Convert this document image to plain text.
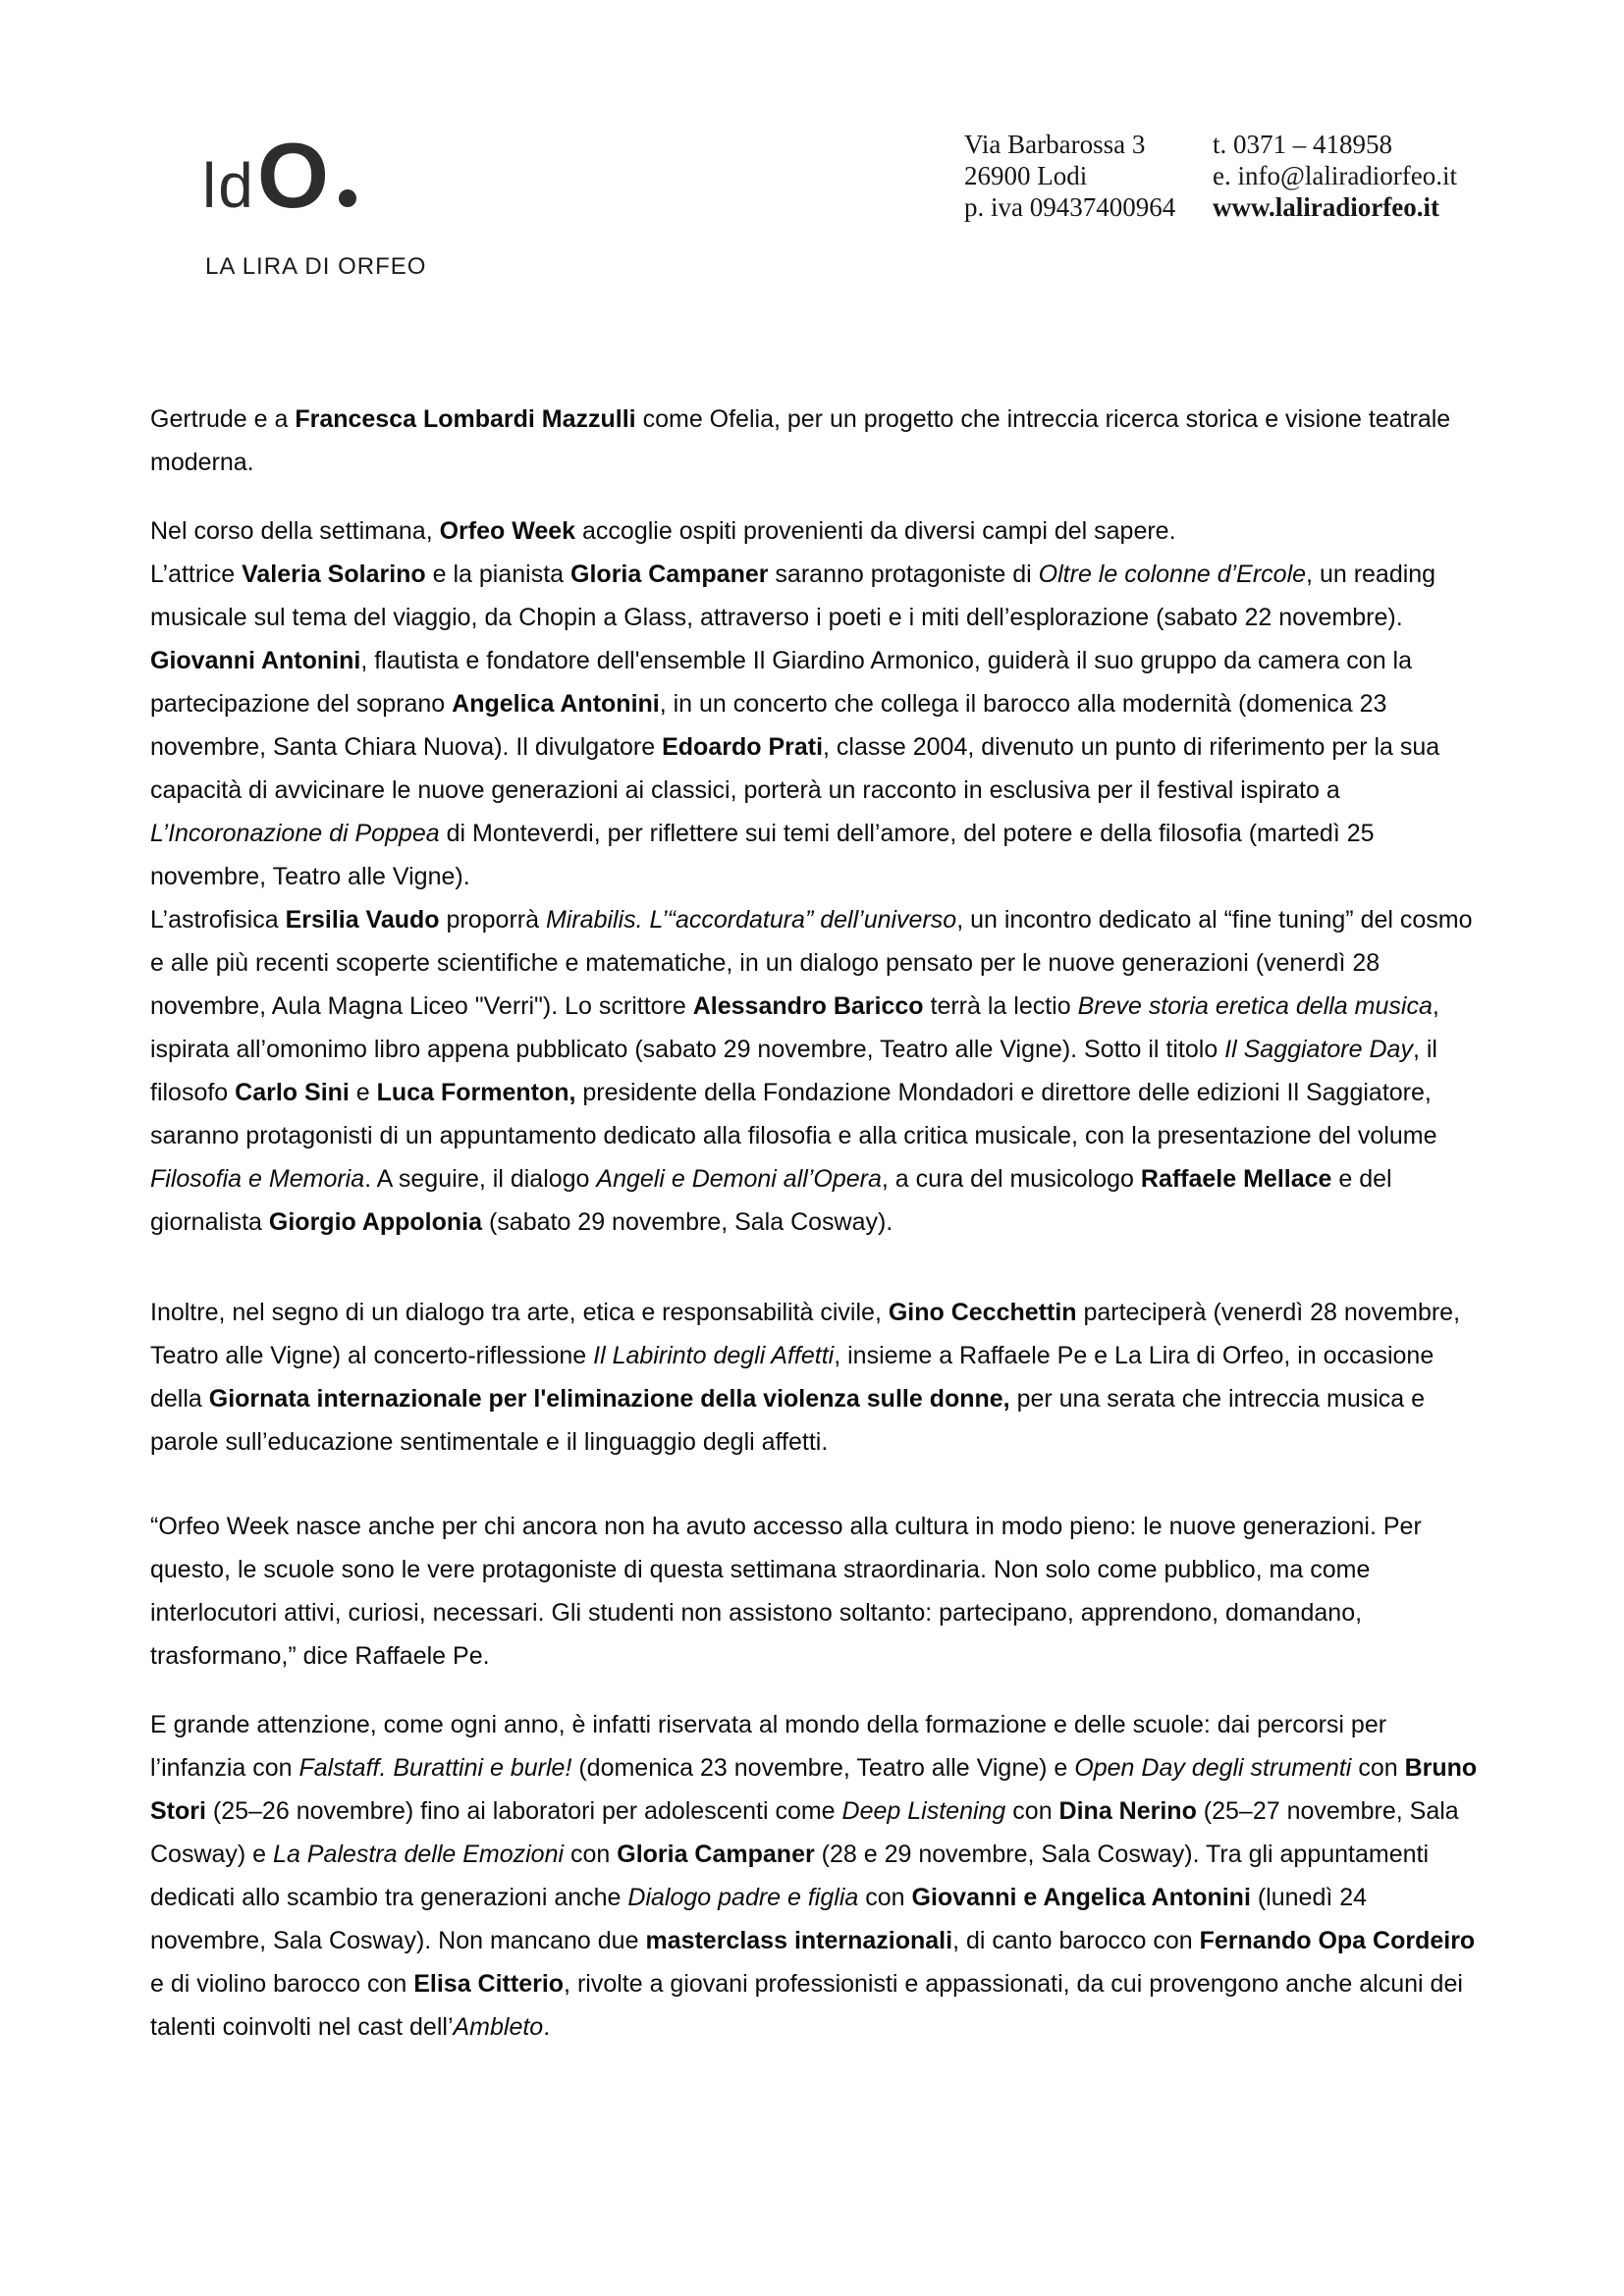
ld O
LA LIRA DI ORFEO
Via Barbarossa 3
26900 Lodi
p. iva 09437400964
t. 0371 – 418958
e. info@laliradiorfeo.it
www.laliradiorfeo.it

Gertrude e a Francesca Lombardi Mazzulli come Ofelia, per un progetto che intreccia ricerca storica e visione teatrale moderna.

Nel corso della settimana, Orfeo Week accoglie ospiti provenienti da diversi campi del sapere.
L’attrice Valeria Solarino e la pianista Gloria Campaner saranno protagoniste di Oltre le colonne d’Ercole, un reading musicale sul tema del viaggio, da Chopin a Glass, attraverso i poeti e i miti dell’esplorazione (sabato 22 novembre). Giovanni Antonini, flautista e fondatore dell'ensemble Il Giardino Armonico, guiderà il suo gruppo da camera con la partecipazione del soprano Angelica Antonini, in un concerto che collega il barocco alla modernità (domenica 23 novembre, Santa Chiara Nuova). Il divulgatore Edoardo Prati, classe 2004, divenuto un punto di riferimento per la sua capacità di avvicinare le nuove generazioni ai classici, porterà un racconto in esclusiva per il festival ispirato a L’Incoronazione di Poppea di Monteverdi, per riflettere sui temi dell’amore, del potere e della filosofia (martedì 25 novembre, Teatro alle Vigne).
L’astrofisica Ersilia Vaudo proporrà Mirabilis. L’“accordatura” dell’universo, un incontro dedicato al “fine tuning” del cosmo e alle più recenti scoperte scientifiche e matematiche, in un dialogo pensato per le nuove generazioni (venerdì 28 novembre, Aula Magna Liceo "Verri"). Lo scrittore Alessandro Baricco terrà la lectio Breve storia eretica della musica, ispirata all’omonimo libro appena pubblicato (sabato 29 novembre, Teatro alle Vigne). Sotto il titolo Il Saggiatore Day, il filosofo Carlo Sini e Luca Formenton, presidente della Fondazione Mondadori e direttore delle edizioni Il Saggiatore, saranno protagonisti di un appuntamento dedicato alla filosofia e alla critica musicale, con la presentazione del volume Filosofia e Memoria. A seguire, il dialogo Angeli e Demoni all’Opera, a cura del musicologo Raffaele Mellace e del giornalista Giorgio Appolonia (sabato 29 novembre, Sala Cosway).

Inoltre, nel segno di un dialogo tra arte, etica e responsabilità civile, Gino Cecchettin parteciperà (venerdì 28 novembre, Teatro alle Vigne) al concerto-riflessione Il Labirinto degli Affetti, insieme a Raffaele Pe e La Lira di Orfeo, in occasione della Giornata internazionale per l'eliminazione della violenza sulle donne, per una serata che intreccia musica e parole sull’educazione sentimentale e il linguaggio degli affetti.

“Orfeo Week nasce anche per chi ancora non ha avuto accesso alla cultura in modo pieno: le nuove generazioni. Per questo, le scuole sono le vere protagoniste di questa settimana straordinaria. Non solo come pubblico, ma come interlocutori attivi, curiosi, necessari. Gli studenti non assistono soltanto: partecipano, apprendono, domandano, trasformano,” dice Raffaele Pe.

E grande attenzione, come ogni anno, è infatti riservata al mondo della formazione e delle scuole: dai percorsi per l’infanzia con Falstaff. Burattini e burle! (domenica 23 novembre, Teatro alle Vigne) e Open Day degli strumenti con Bruno Stori (25–26 novembre) fino ai laboratori per adolescenti come Deep Listening con Dina Nerino (25–27 novembre, Sala Cosway) e La Palestra delle Emozioni con Gloria Campaner (28 e 29 novembre, Sala Cosway). Tra gli appuntamenti dedicati allo scambio tra generazioni anche Dialogo padre e figlia con Giovanni e Angelica Antonini (lunedì 24 novembre, Sala Cosway). Non mancano due masterclass internazionali, di canto barocco con Fernando Opa Cordeiro e di violino barocco con Elisa Citterio, rivolte a giovani professionisti e appassionati, da cui provengono anche alcuni dei talenti coinvolti nel cast dell’Ambleto.
